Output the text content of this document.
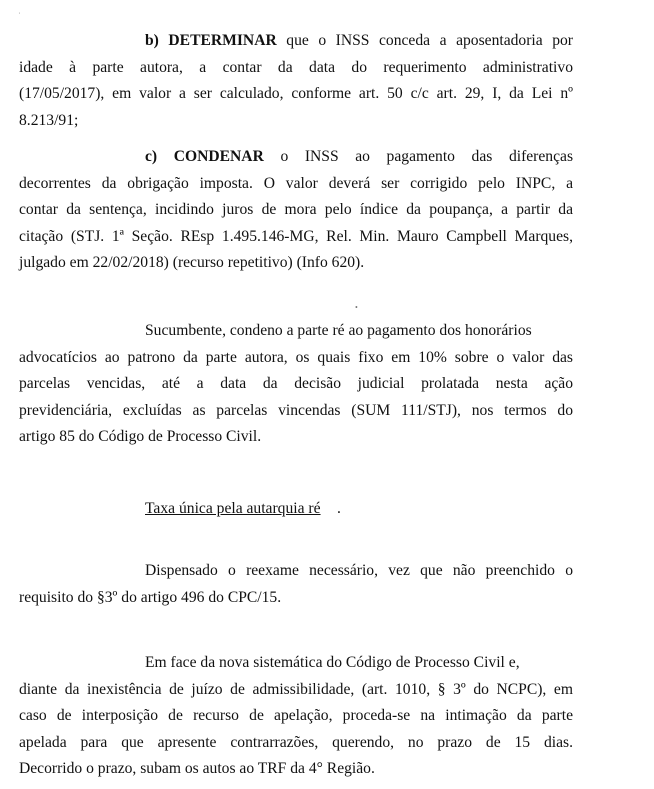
˙
•
b) DETERMINAR que o INSS conceda a aposentadoria por
idade à parte autora, a contar da data do requerimento administrativo
(17/05/2017), em valor a ser calculado, conforme art. 50 c/c art. 29, I, da Lei nº
8.213/91;
c) CONDENAR o INSS ao pagamento das diferenças
decorrentes da obrigação imposta. O valor deverá ser corrigido pelo INPC, a
contar da sentença, incidindo juros de mora pelo índice da poupança, a partir da
citação (STJ. 1ª Seção. REsp 1.495.146-MG, Rel. Min. Mauro Campbell Marques,
julgado em 22/02/2018) (recurso repetitivo) (Info 620).
Sucumbente, condeno a parte ré ao pagamento dos honorários
advocatícios ao patrono da parte autora, os quais fixo em 10% sobre o valor das
parcelas vencidas, até a data da decisão judicial prolatada nesta ação
previdenciária, excluídas as parcelas vincendas (SUM 111/STJ), nos termos do
artigo 85 do Código de Processo Civil.
Taxa única pela autarquia ré .
Dispensado o reexame necessário, vez que não preenchido o
requisito do §3º do artigo 496 do CPC/15.
Em face da nova sistemática do Código de Processo Civil e,
diante da inexistência de juízo de admissibilidade, (art. 1010, § 3º do NCPC), em
caso de interposição de recurso de apelação, proceda-se na intimação da parte
apelada para que apresente contrarrazões, querendo, no prazo de 15 dias.
Decorrido o prazo, subam os autos ao TRF da 4° Região.
